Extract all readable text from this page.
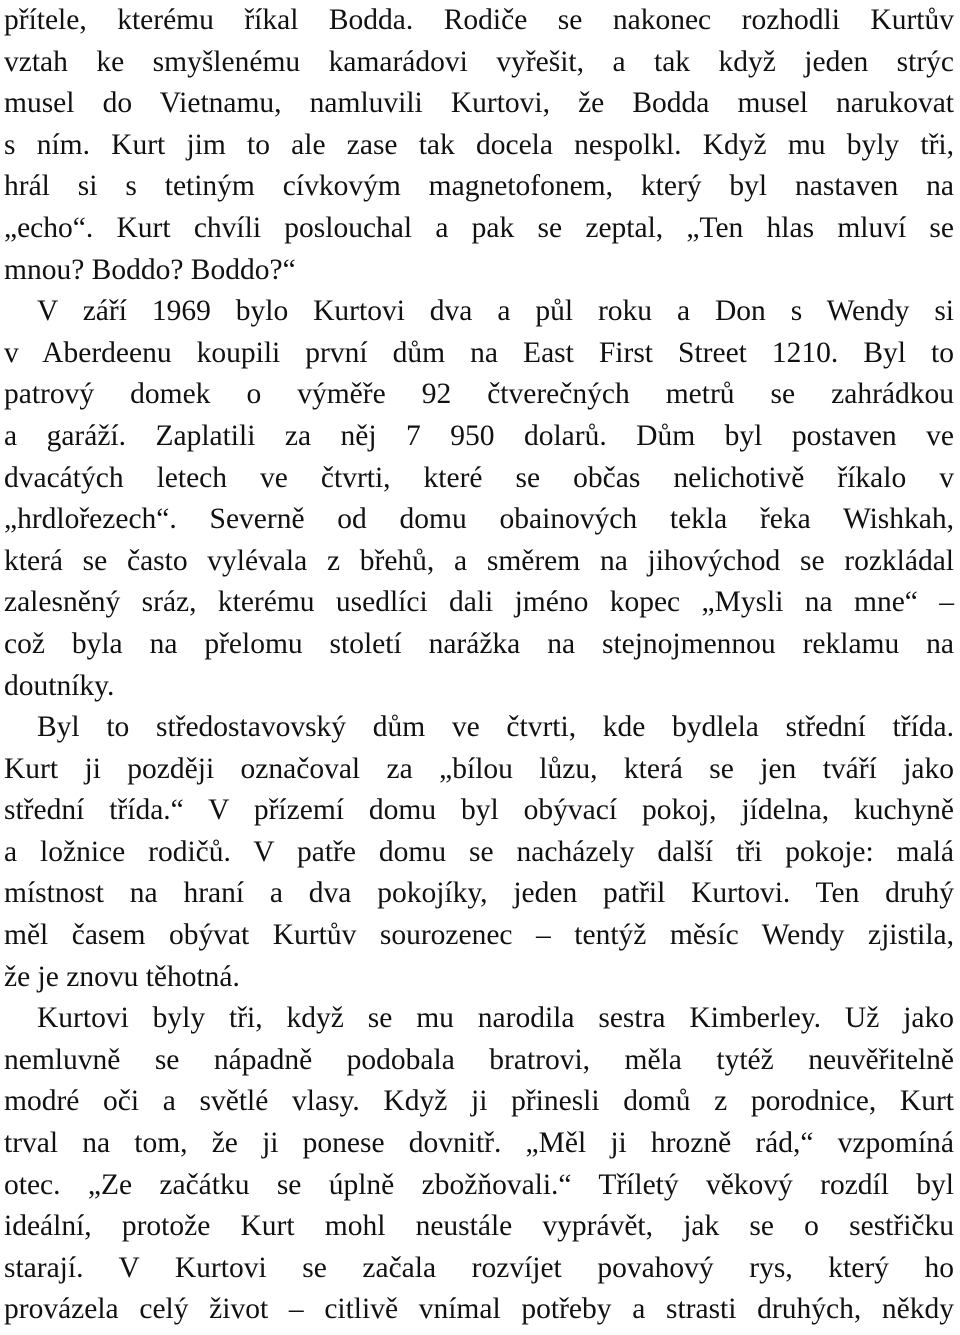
přítele, kterému říkal Bodda. Rodiče se nakonec rozhodli Kurtův
vztah ke smyšlenému kamarádovi vyřešit, a tak když jeden strýc
musel do Vietnamu, namluvili Kurtovi, že Bodda musel narukovat
s ním. Kurt jim to ale zase tak docela nespolkl. Když mu byly tři,
hrál si s tetiným cívkovým magnetofonem, který byl nastaven na
„echo“. Kurt chvíli poslouchal a pak se zeptal, „Ten hlas mluví se
mnou? Boddo? Boddo?“
V září 1969 bylo Kurtovi dva a půl roku a Don s Wendy si
v Aberdeenu koupili první dům na East First Street 1210. Byl to
patrový domek o výměře 92 čtverečných metrů se zahrádkou
a garáží. Zaplatili za něj 7 950 dolarů. Dům byl postaven ve
dvacátých letech ve čtvrti, které se občas nelichotivě říkalo v
„hrdlořezech“. Severně od domu obainových tekla řeka Wishkah,
která se často vylévala z břehů, a směrem na jihovýchod se rozkládal
zalesněný sráz, kterému usedlíci dali jméno kopec „Mysli na mne“ –
což byla na přelomu století narážka na stejnojmennou reklamu na
doutníky.
Byl to středostavovský dům ve čtvrti, kde bydlela střední třída.
Kurt ji později označoval za „bílou lůzu, která se jen tváří jako
střední třída.“ V přízemí domu byl obývací pokoj, jídelna, kuchyně
a ložnice rodičů. V patře domu se nacházely další tři pokoje: malá
místnost na hraní a dva pokojíky, jeden patřil Kurtovi. Ten druhý
měl časem obývat Kurtův sourozenec – tentýž měsíc Wendy zjistila,
že je znovu těhotná.
Kurtovi byly tři, když se mu narodila sestra Kimberley. Už jako
nemluvně se nápadně podobala bratrovi, měla tytéž neuvěřitelně
modré oči a světlé vlasy. Když ji přinesli domů z porodnice, Kurt
trval na tom, že ji ponese dovnitř. „Měl ji hrozně rád,“ vzpomíná
otec. „Ze začátku se úplně zbožňovali.“ Tříletý věkový rozdíl byl
ideální, protože Kurt mohl neustále vyprávět, jak se o sestřičku
starají. V Kurtovi se začala rozvíjet povahový rys, který ho
provázela celý život – citlivě vnímal potřeby a strasti druhých, někdy
